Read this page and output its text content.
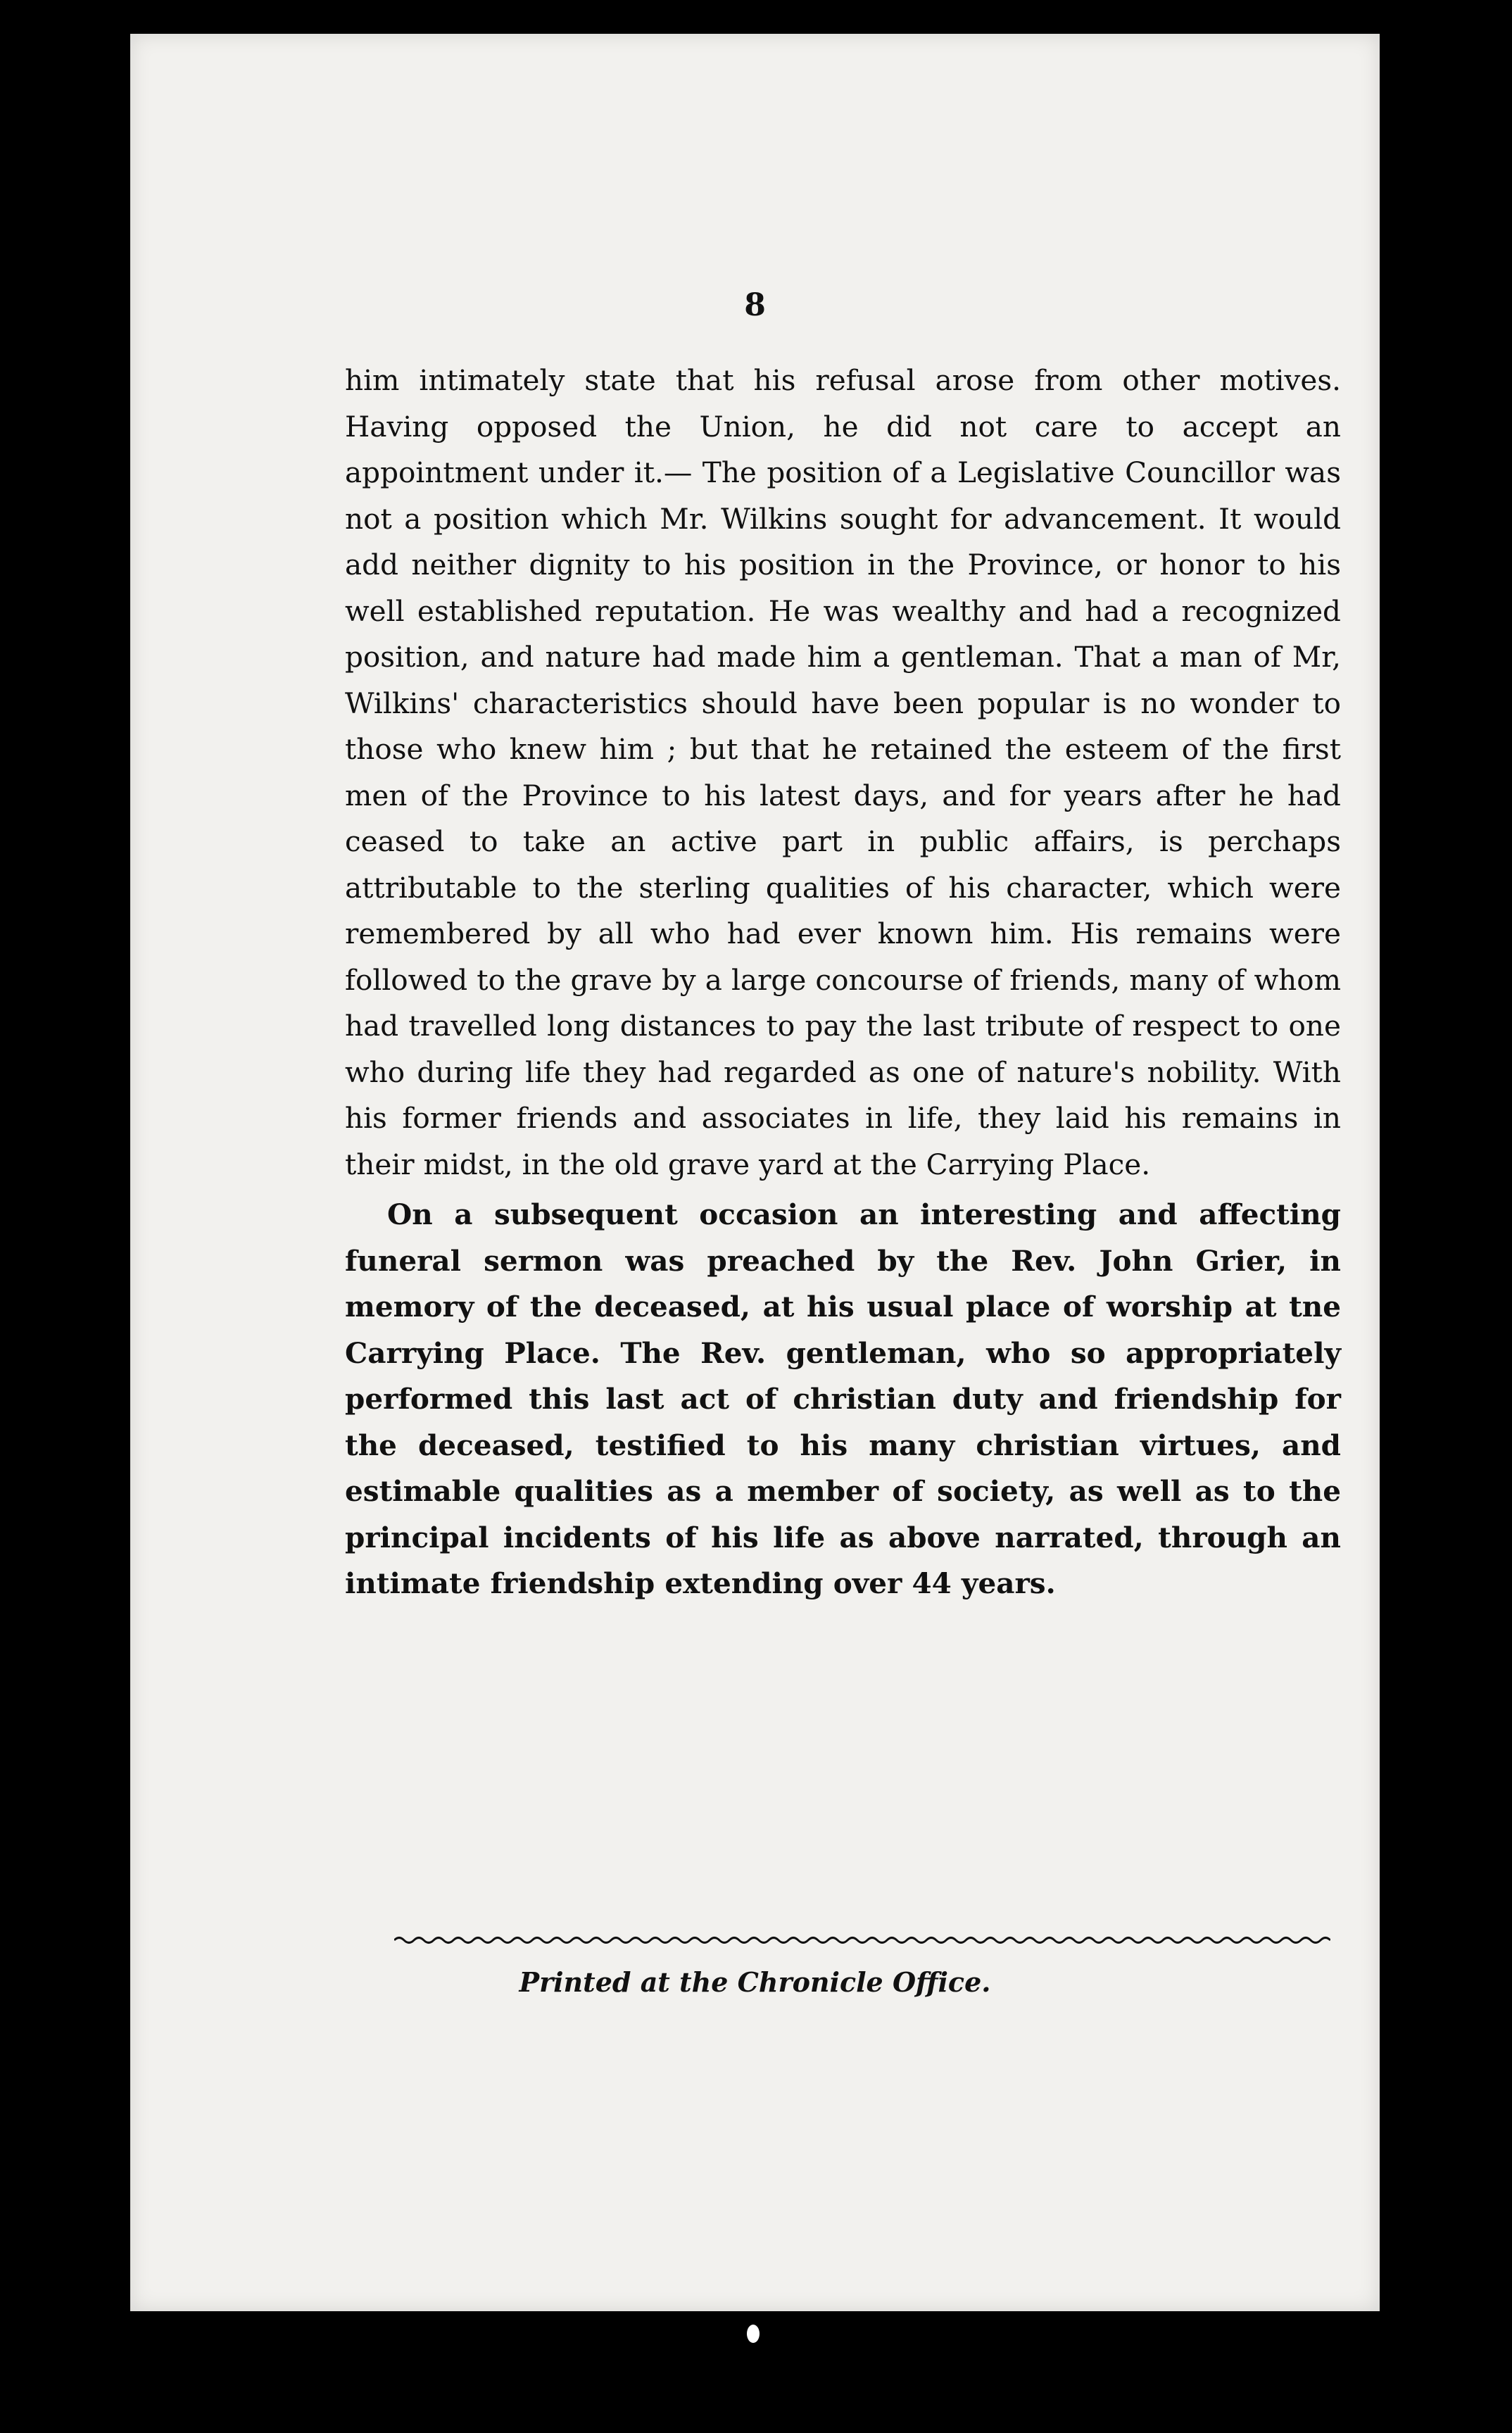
8

him intimately state that his refusal arose from other motives. Having opposed the Union, he did not care to accept an appointment under it.— The position of a Legislative Councillor was not a position which Mr. Wilkins sought for advancement. It would add neither dignity to his position in the Province, or honor to his well established reputation. He was wealthy and had a recognized position, and nature had made him a gentleman. That a man of Mr, Wilkins' characteristics should have been popular is no wonder to those who knew him ; but that he retained the esteem of the first men of the Province to his latest days, and for years after he had ceased to take an active part in public affairs, is perchaps attributable to the sterling qualities of his character, which were remembered by all who had ever known him. His remains were followed to the grave by a large concourse of friends, many of whom had travelled long distances to pay the last tribute of respect to one who during life they had regarded as one of nature's nobility. With his former friends and associates in life, they laid his remains in their midst, in the old grave yard at the Carrying Place.

On a subsequent occasion an interesting and affecting funeral sermon was preached by the Rev. John Grier, in memory of the deceased, at his usual place of worship at tne Carrying Place. The Rev. gentleman, who so appropriately performed this last act of christian duty and friendship for the deceased, testified to his many christian virtues, and estimable qualities as a member of society, as well as to the principal incidents of his life as above narrated, through an intimate friendship extending over 44 years.

Printed at the Chronicle Office.
